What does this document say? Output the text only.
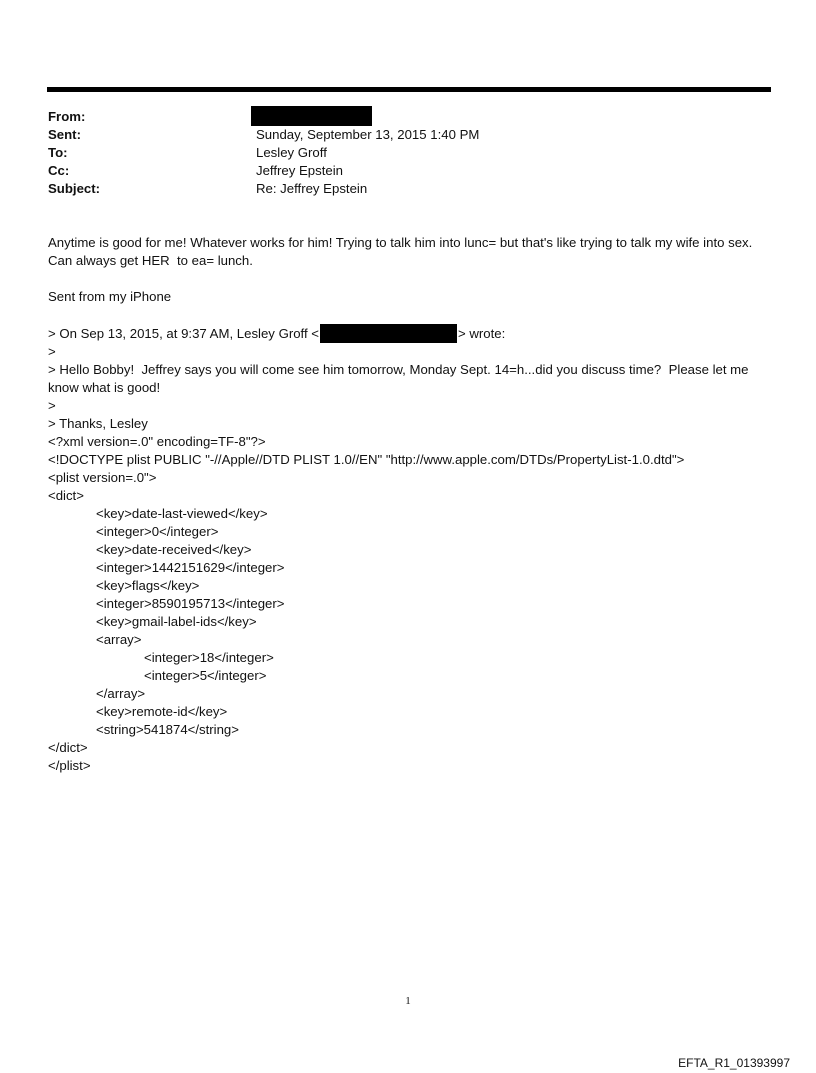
From:
Sent:	Sunday, September 13, 2015 1:40 PM
To:	Lesley Groff
Cc:	Jeffrey Epstein
Subject:	Re: Jeffrey Epstein

Anytime is good for me! Whatever works for him! Trying to talk him into lunc= but that's like trying to talk my wife into sex. Can always get HER  to ea= lunch.

Sent from my iPhone

> On Sep 13, 2015, at 9:37 AM, Lesley Groff <	> wrote:

>

> Hello Bobby!  Jeffrey says you will come see him tomorrow, Monday Sept. 14=h...did you discuss time?  Please let me know what is good!

>

> Thanks, Lesley

<?xml version=.0" encoding=TF-8"?>

<!DOCTYPE plist PUBLIC "-//Apple//DTD PLIST 1.0//EN" "http://www.apple.com/DTDs/PropertyList-1.0.dtd">

<plist version=.0">

<dict>

<key>date-last-viewed</key>

<integer>0</integer>

<key>date-received</key>

<integer>1442151629</integer>

<key>flags</key>

<integer>8590195713</integer>

<key>gmail-label-ids</key>

<array>

<integer>18</integer>

<integer>5</integer>

</array>

<key>remote-id</key>

<string>541874</string>

</dict>

</plist>

1
EFTA_R1_01393997
